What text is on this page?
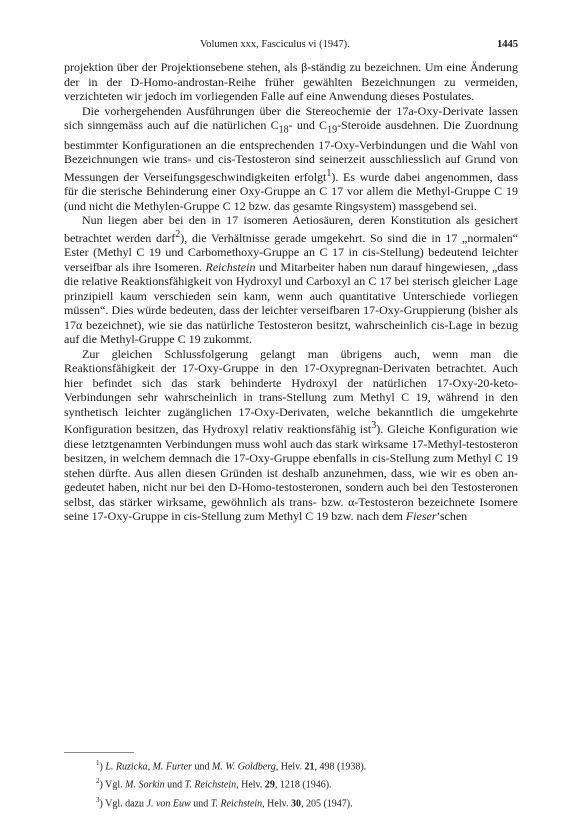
Volumen xxx, Fasciculus vi (1947).	1445

projektion über der Projektionsebene stehen, als β-ständig zu bezeichnen. Um eine Änderung der in der D-Homo-androstan-Reihe früher gewählten Bezeichnungen zu vermeiden, verzichteten wir jedoch im vorliegenden Falle auf eine Anwendung dieses Postulates.

Die vorhergehenden Ausführungen über die Stereochemie der 17a-Oxy-Derivate lassen sich sinngemäss auch auf die natürlichen $C_{18}-$ und $C_{19}$-Steroide ausdehnen. Die Zuordnung bestimmter Konfigurationen an die entsprechenden 17-Oxy-Verbindungen und die Wahl von Bezeichnungen wie trans- und cis-Testosteron sind seinerzeit ausschliesslich auf Grund von Messungen der Verseifungsgeschwindigkeiten erfolgt$^1$). Es wurde dabei angenommen, dass für die sterische Behinderung einer Oxy-Gruppe an C 17 vor allem die Methyl-Gruppe C 19 (und nicht die Methylen-Gruppe C 12 bzw. das gesamte Ringsystem) massgebend sei.

Nun liegen aber bei den in 17 isomeren Aetiosäuren, deren Konstitution als gesichert betrachtet werden darf$^2$), die Verhältnisse gerade umgekehrt. So sind die in 17 „normalen“ Ester (Methyl C 19 und Carbomethoxy-Gruppe an C 17 in cis-Stellung) bedeutend leichter verseifbar als ihre Isomeren. Reichstein und Mitarbeiter haben nun darauf hingewiesen, „dass die relative Reaktionsfähigkeit von Hydroxyl und Carboxyl an C 17 bei sterisch gleicher Lage prinzipiell kaum verschieden sein kann, wenn auch quantitative Unterschiede vorliegen müssen“. Dies würde bedeuten, dass der leichter verseifbaren 17-Oxy-Gruppierung (bisher als 17α bezeichnet), wie sie das natürliche Testosteron besitzt, wahrscheinlich cis-Lage in bezug auf die Methyl-Gruppe C 19 zukommt.

Zur gleichen Schlussfolgerung gelangt man übrigens auch, wenn man die Reaktionsfähigkeit der 17-Oxy-Gruppe in den 17-Oxypregnan-Derivaten betrachtet. Auch hier befindet sich das stark behinderte Hydroxyl der natürlichen 17-Oxy-20-keto-Verbindungen sehr wahrscheinlich in trans-Stellung zum Methyl C 19, während in den synthetisch leichter zugänglichen 17-Oxy-Derivaten, welche bekanntlich die umgekehrte Konfiguration besitzen, das Hydroxyl relativ reaktionsfähig ist$^3$). Gleiche Konfiguration wie diese letztgenannten Verbindungen muss wohl auch das stark wirksame 17-Methyl-testosteron besitzen, in welchem demnach die 17-Oxy-Gruppe ebenfalls in cis-Stellung zum Methyl C 19 stehen dürfte. Aus allen diesen Gründen ist deshalb anzunehmen, dass, wie wir es oben angedeutet haben, nicht nur bei den D-Homo-testosteronen, sondern auch bei den Testosteronen selbst, das stärker wirksame, gewöhnlich als trans- bzw. α-Testosteron bezeichnete Isomere seine 17-Oxy-Gruppe in cis-Stellung zum Methyl C 19 bzw. nach dem Fieser’schen

$^1$) L. Ruzicka, M. Furter und M. W. Goldberg, Helv. 21, 498 (1938).
$^2$) Vgl. M. Sorkin und T. Reichstein, Helv. 29, 1218 (1946).
$^3$) Vgl. dazu J. von Euw und T. Reichstein, Helv. 30, 205 (1947).
